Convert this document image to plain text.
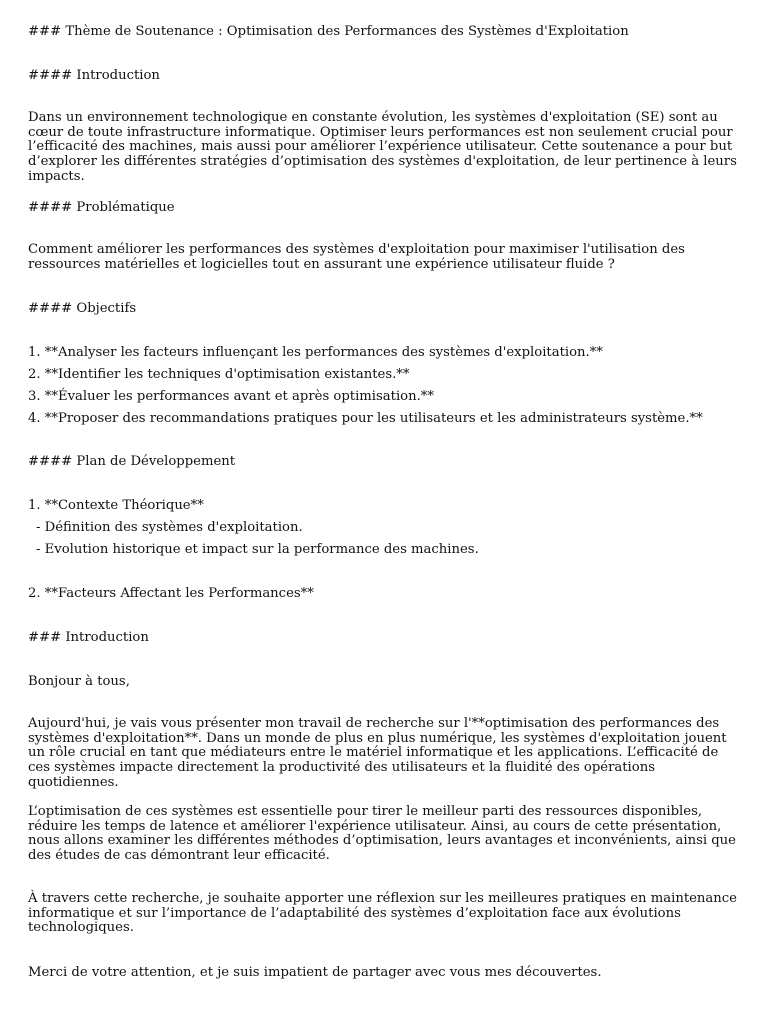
### Thème de Soutenance : Optimisation des Performances des Systèmes d'Exploitation
#### Introduction
Dans un environnement technologique en constante évolution, les systèmes d'exploitation (SE) sont au cœur de toute infrastructure informatique. Optimiser leurs performances est non seulement crucial pour l’efficacité des machines, mais aussi pour améliorer l’expérience utilisateur. Cette soutenance a pour but d’explorer les différentes stratégies d’optimisation des systèmes d'exploitation, de leur pertinence à leurs impacts.
#### Problématique
Comment améliorer les performances des systèmes d'exploitation pour maximiser l'utilisation des ressources matérielles et logicielles tout en assurant une expérience utilisateur fluide ?
#### Objectifs
1. **Analyser les facteurs influençant les performances des systèmes d'exploitation.**
2. **Identifier les techniques d'optimisation existantes.**
3. **Évaluer les performances avant et après optimisation.**
4. **Proposer des recommandations pratiques pour les utilisateurs et les administrateurs système.**
#### Plan de Développement
1. **Contexte Théorique**
- Définition des systèmes d'exploitation.
- Evolution historique et impact sur la performance des machines.
2. **Facteurs Affectant les Performances**
### Introduction
Bonjour à tous,
Aujourd'hui, je vais vous présenter mon travail de recherche sur l'**optimisation des performances des systèmes d'exploitation**. Dans un monde de plus en plus numérique, les systèmes d'exploitation jouent un rôle crucial en tant que médiateurs entre le matériel informatique et les applications. L’efficacité de ces systèmes impacte directement la productivité des utilisateurs et la fluidité des opérations quotidiennes.
L’optimisation de ces systèmes est essentielle pour tirer le meilleur parti des ressources disponibles, réduire les temps de latence et améliorer l'expérience utilisateur. Ainsi, au cours de cette présentation, nous allons examiner les différentes méthodes d’optimisation, leurs avantages et inconvénients, ainsi que des études de cas démontrant leur efficacité.
À travers cette recherche, je souhaite apporter une réflexion sur les meilleures pratiques en maintenance informatique et sur l’importance de l’adaptabilité des systèmes d’exploitation face aux évolutions technologiques.
Merci de votre attention, et je suis impatient de partager avec vous mes découvertes.
